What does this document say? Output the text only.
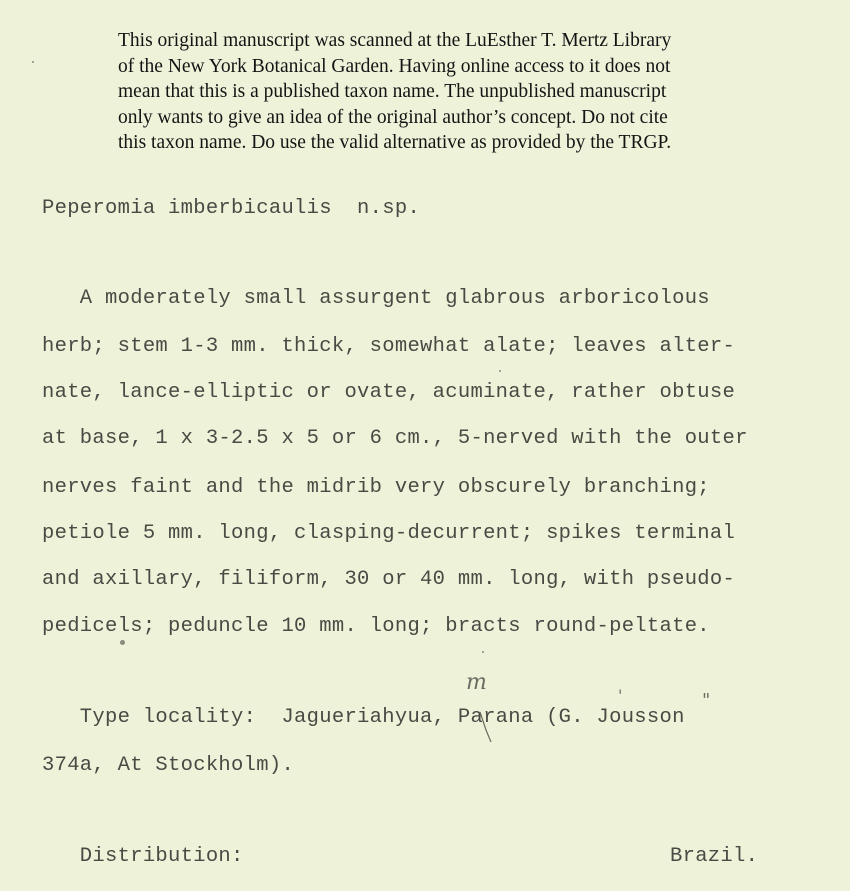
This original manuscript was scanned at the LuEsther T. Mertz Library
of the New York Botanical Garden. Having online access to it does not
mean that this is a published taxon name. The unpublished manuscript
only wants to give an idea of the original author’s concept. Do not cite
this taxon name. Do use the valid alternative as provided by the TRGP.
Peperomia imberbicaulis  n.sp.
A moderately small assurgent glabrous arboricolous
herb; stem 1-3 mm. thick, somewhat alate; leaves alter-
nate, lance-elliptic or ovate, acuminate, rather obtuse
at base, 1 x 3-2.5 x 5 or 6 cm., 5-nerved with the outer
nerves faint and the midrib very obscurely branching;
petiole 5 mm. long, clasping-decurrent; spikes terminal
and axillary, filiform, 30 or 40 mm. long, with pseudo-
pedicels; peduncle 10 mm. long; bracts round-peltate.
Type locality:  Jagueriahyua, Parana (G. Jousson
374a, At Stockholm).
Distribution:	Brazil.
m
'	"
